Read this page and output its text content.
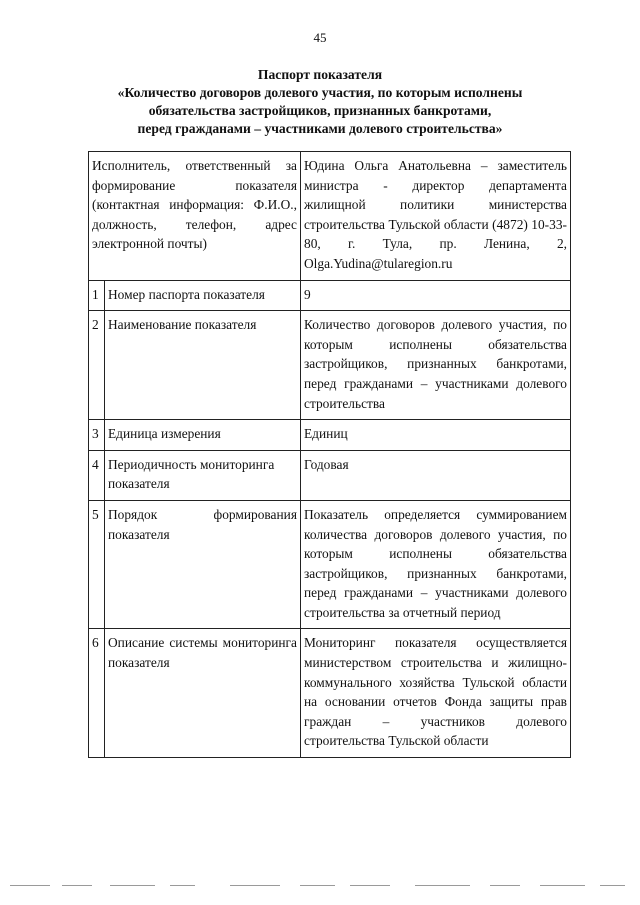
45
Паспорт показателя
«Количество договоров долевого участия, по которым исполнены
обязательства застройщиков, признанных банкротами,
перед гражданами – участниками долевого строительства»
Исполнитель, ответственный за формирование показателя (контактная информация: Ф.И.О., должность, телефон, адрес электронной почты)		Юдина Ольга Анатольевна – заместитель министра - директор департамента жилищной политики министерства строительства Тульской области (4872) 10-33-80, г. Тула, пр. Ленина, 2, Olga.Yudina@tularegion.ru
1	Номер паспорта показателя	9
2	Наименование показателя	Количество договоров долевого участия, по которым исполнены обязательства застройщиков, признанных банкротами, перед гражданами – участниками долевого строительства
3	Единица измерения	Единиц
4	Периодичность мониторинга показателя	Годовая
5	Порядок формирования показателя	Показатель определяется суммированием количества договоров долевого участия, по которым исполнены обязательства застройщиков, признанных банкротами, перед гражданами – участниками долевого строительства за отчетный период
6	Описание системы мониторинга показателя	Мониторинг показателя осуществляется министерством строительства и жилищно-коммунального хозяйства Тульской области на основании отчетов Фонда защиты прав граждан – участников долевого строительства Тульской области
